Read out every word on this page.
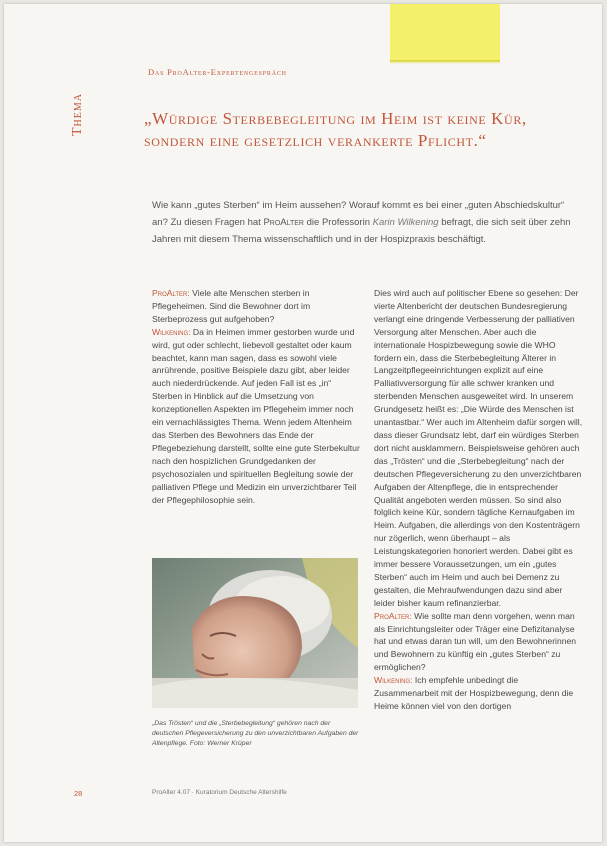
Thema
Das ProAlter-Expertengespräch
„Würdige Sterbebegleitung im Heim ist keine Kür, sondern eine gesetzlich verankerte Pflicht.“
Wie kann „gutes Sterben“ im Heim aussehen? Worauf kommt es bei einer „guten Abschiedskultur“ an? Zu diesen Fragen hat ProAlter die Professorin Karin Wilkening befragt, die sich seit über zehn Jahren mit diesem Thema wissenschaftlich und in der Hospizpraxis beschäftigt.
ProAlter: Viele alte Menschen sterben in Pflegeheimen. Sind die Bewohner dort im Sterbeprozess gut aufgehoben?
Wilkening: Da in Heimen immer gestorben wurde und wird, gut oder schlecht, liebevoll gestaltet oder kaum beachtet, kann man sagen, dass es sowohl viele anrührende, positive Beispiele dazu gibt, aber leider auch niederdrückende. Auf jeden Fall ist es „in“ Sterben in Hinblick auf die Umsetzung von konzeptionellen Aspekten im Pflegeheim immer noch ein vernachlässigtes Thema. Wenn jedem Altenheim das Sterben des Bewohners das Ende der Pflegebeziehung darstellt, sollte eine gute Sterbekultur nach den hospizlichen Grundgedanken der psychosozialen und spirituellen Begleitung sowie der palliativen Pflege und Medizin ein unverzichtbarer Teil der Pflegephilosophie sein.
„Das Trösten“ und die „Sterbebegleitung“ gehören nach der deutschen Pflegeversicherung zu den unverzichtbaren Aufgaben der Altenpflege. Foto: Werner Krüper
Dies wird auch auf politischer Ebene so gesehen: Der vierte Altenbericht der deutschen Bundesregierung verlangt eine dringende Verbesserung der palliativen Versorgung alter Menschen. Aber auch die internationale Hospizbewegung sowie die WHO fordern ein, dass die Sterbebegleitung Älterer in Langzeitpflegeeinrichtungen explizit auf eine Palliativversorgung für alle schwer kranken und sterbenden Menschen ausgeweitet wird. In unserem Grundgesetz heißt es: „Die Würde des Menschen ist unantastbar.“ Wer auch im Altenheim dafür sorgen will, dass dieser Grundsatz lebt, darf ein würdiges Sterben dort nicht ausklammern. Beispielsweise gehören auch das „Trösten“ und die „Sterbebegleitung“ nach der deutschen Pflegeversicherung zu den unverzichtbaren Aufgaben der Altenpflege, die in entsprechender Qualität angeboten werden müssen. So sind also folglich keine Kür, sondern tägliche Kernaufgaben im Heim. Aufgaben, die allerdings von den Kostenträgern nur zögerlich, wenn überhaupt – als Leistungskategorien honoriert werden. Dabei gibt es immer bessere Voraussetzungen, um ein „gutes Sterben“ auch im Heim und auch bei Demenz zu gestalten, die Mehraufwendungen dazu sind aber leider bisher kaum refinanzierbar.
ProAlter: Wie sollte man denn vorgehen, wenn man als Einrichtungsleiter oder Träger eine Defizitanalyse hat und etwas daran tun will, um den Bewohnerinnen und Bewohnern zu künftig ein „gutes Sterben“ zu ermöglichen?
Wilkening: Ich empfehle unbedingt die Zusammenarbeit mit der Hospizbewegung, denn die Heime können viel von den dortigen
28	ProAlter 4.07 · Kuratorium Deutsche Altershilfe
